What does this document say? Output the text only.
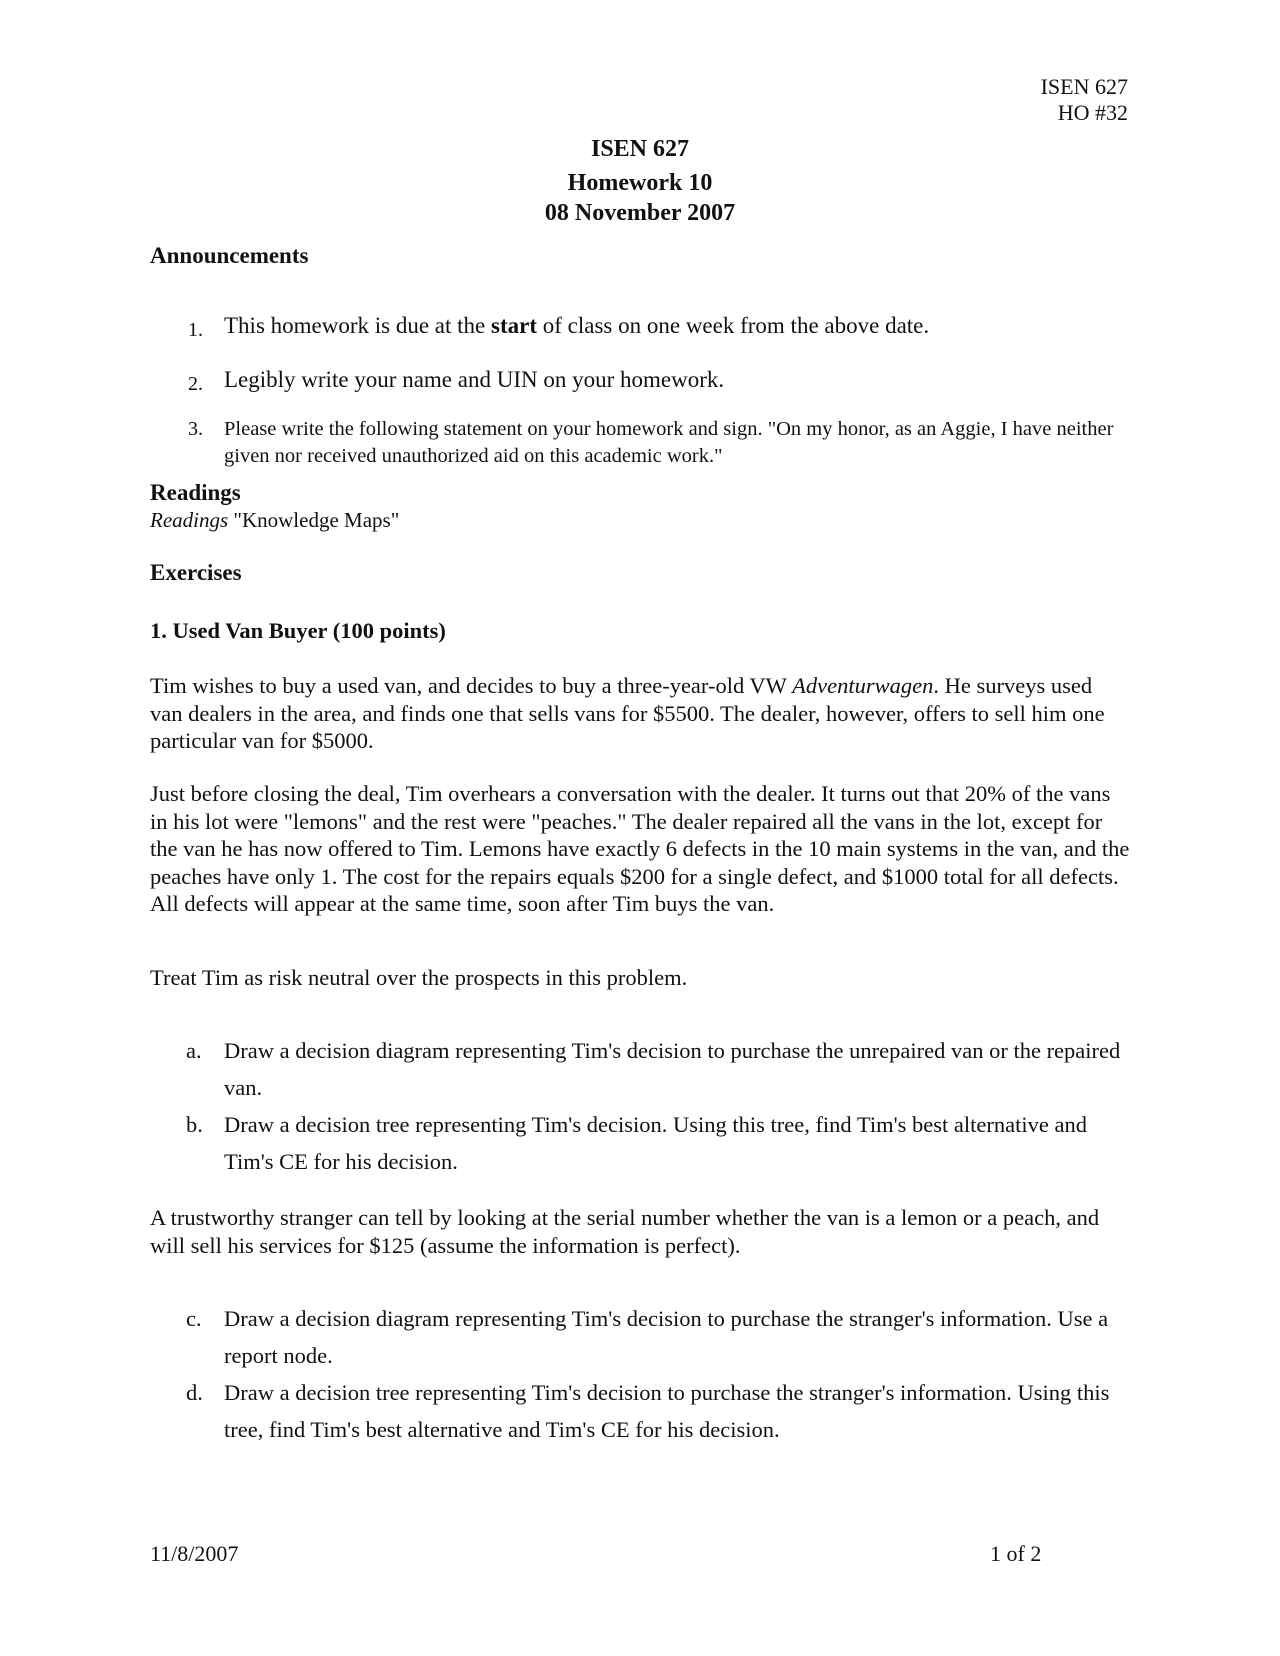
ISEN 627
HO #32
ISEN 627
Homework 10
08 November 2007

Announcements

1. This homework is due at the start of class on one week from the above date.
2. Legibly write your name and UIN on your homework.
3. Please write the following statement on your homework and sign. "On my honor, as an Aggie, I have neither given nor received unauthorized aid on this academic work."

Readings

Readings "Knowledge Maps"

Exercises

1. Used Van Buyer (100 points)

Tim wishes to buy a used van, and decides to buy a three-year-old VW Adventurwagen. He surveys used van dealers in the area, and finds one that sells vans for $5500. The dealer, however, offers to sell him one particular van for $5000.

Just before closing the deal, Tim overhears a conversation with the dealer. It turns out that 20% of the vans in his lot were "lemons" and the rest were "peaches." The dealer repaired all the vans in the lot, except for the van he has now offered to Tim. Lemons have exactly 6 defects in the 10 main systems in the van, and the peaches have only 1. The cost for the repairs equals $200 for a single defect, and $1000 total for all defects. All defects will appear at the same time, soon after Tim buys the van.

Treat Tim as risk neutral over the prospects in this problem.

a. Draw a decision diagram representing Tim's decision to purchase the unrepaired van or the repaired van.
b. Draw a decision tree representing Tim's decision. Using this tree, find Tim's best alternative and Tim's CE for his decision.

A trustworthy stranger can tell by looking at the serial number whether the van is a lemon or a peach, and will sell his services for $125 (assume the information is perfect).

c. Draw a decision diagram representing Tim's decision to purchase the stranger's information. Use a report node.
d. Draw a decision tree representing Tim's decision to purchase the stranger's information. Using this tree, find Tim's best alternative and Tim's CE for his decision.
11/8/2007	1 of 2
